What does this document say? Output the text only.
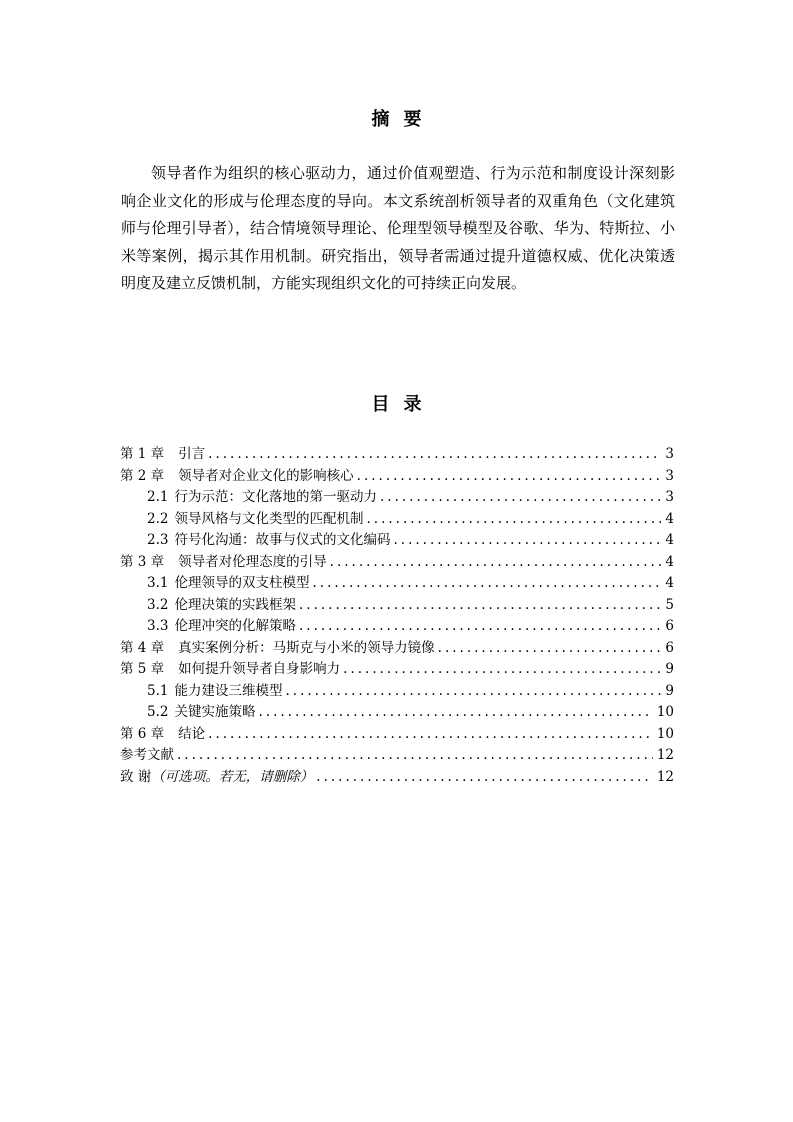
摘 要

领导者作为组织的核心驱动力，通过价值观塑造、行为示范和制度设计深刻影响企业文化的形成与伦理态度的导向。本文系统剖析领导者的双重角色（文化建筑师与伦理引导者），结合情境领导理论、伦理型领导模型及谷歌、华为、特斯拉、小米等案例，揭示其作用机制。研究指出，领导者需通过提升道德权威、优化决策透明度及建立反馈机制，方能实现组织文化的可持续正向发展。

目 录
第 1 章 引言 .....	3
第 2 章 领导者对企业文化的影响核心 .....	3
2.1 行为示范：文化落地的第一驱动力 .....	3
2.2 领导风格与文化类型的匹配机制 .....	4
2.3 符号化沟通：故事与仪式的文化编码 .....	4
第 3 章 领导者对伦理态度的引导 .....	4
3.1 伦理领导的双支柱模型 .....	4
3.2 伦理决策的实践框架 .....	5
3.3 伦理冲突的化解策略 .....	6
第 4 章 真实案例分析：马斯克与小米的领导力镜像 .....	6
第 5 章 如何提升领导者自身影响力 .....	9
5.1 能力建设三维模型 .....	9
5.2 关键实施策略 .....	10
第 6 章 结论 .....	10
参考文献 .....	12
致 谢（可选项。若无，请删除） .....	12
